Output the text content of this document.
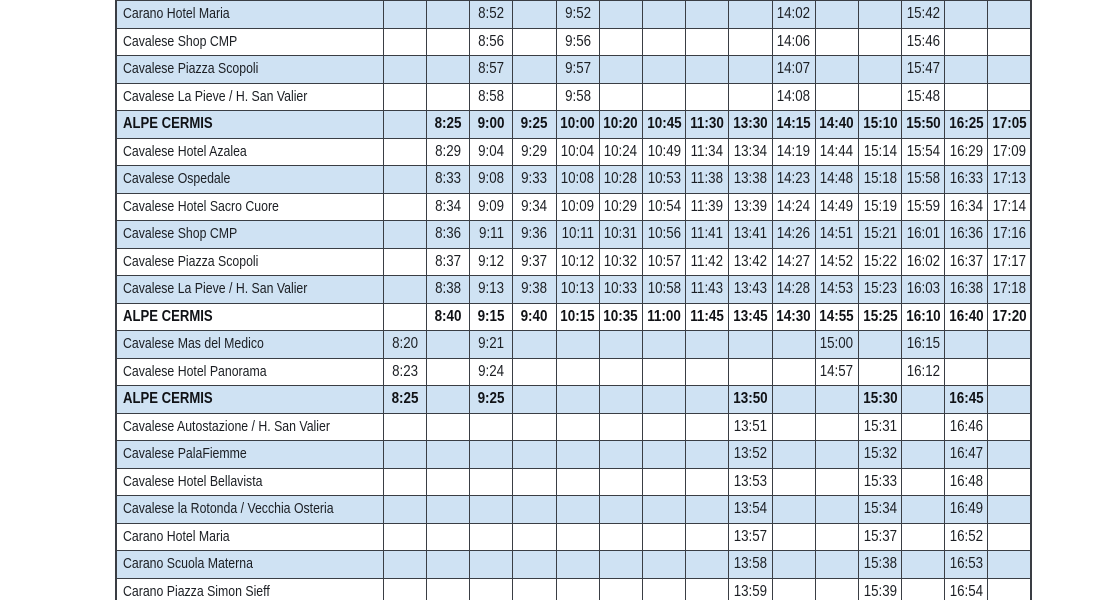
Carano Hotel Maria			8:52		9:52					14:02			15:42		
Cavalese Shop CMP			8:56		9:56					14:06			15:46		
Cavalese Piazza Scopoli			8:57		9:57					14:07			15:47		
Cavalese La Pieve / H. San Valier			8:58		9:58					14:08			15:48		
ALPE CERMIS		8:25	9:00	9:25	10:00	10:20	10:45	11:30	13:30	14:15	14:40	15:10	15:50	16:25	17:05
Cavalese Hotel Azalea		8:29	9:04	9:29	10:04	10:24	10:49	11:34	13:34	14:19	14:44	15:14	15:54	16:29	17:09
Cavalese Ospedale		8:33	9:08	9:33	10:08	10:28	10:53	11:38	13:38	14:23	14:48	15:18	15:58	16:33	17:13
Cavalese Hotel Sacro Cuore		8:34	9:09	9:34	10:09	10:29	10:54	11:39	13:39	14:24	14:49	15:19	15:59	16:34	17:14
Cavalese Shop CMP		8:36	9:11	9:36	10:11	10:31	10:56	11:41	13:41	14:26	14:51	15:21	16:01	16:36	17:16
Cavalese Piazza Scopoli		8:37	9:12	9:37	10:12	10:32	10:57	11:42	13:42	14:27	14:52	15:22	16:02	16:37	17:17
Cavalese La Pieve / H. San Valier		8:38	9:13	9:38	10:13	10:33	10:58	11:43	13:43	14:28	14:53	15:23	16:03	16:38	17:18
ALPE CERMIS		8:40	9:15	9:40	10:15	10:35	11:00	11:45	13:45	14:30	14:55	15:25	16:10	16:40	17:20
Cavalese Mas del Medico	8:20		9:21								15:00		16:15		
Cavalese Hotel Panorama	8:23		9:24								14:57		16:12		
ALPE CERMIS	8:25		9:25						13:50			15:30		16:45	
Cavalese Autostazione / H. San Valier									13:51			15:31		16:46	
Cavalese PalaFiemme									13:52			15:32		16:47	
Cavalese Hotel Bellavista									13:53			15:33		16:48	
Cavalese la Rotonda / Vecchia Osteria									13:54			15:34		16:49	
Carano Hotel Maria									13:57			15:37		16:52	
Carano Scuola Materna									13:58			15:38		16:53	
Carano Piazza Simon Sieff									13:59			15:39		16:54	
